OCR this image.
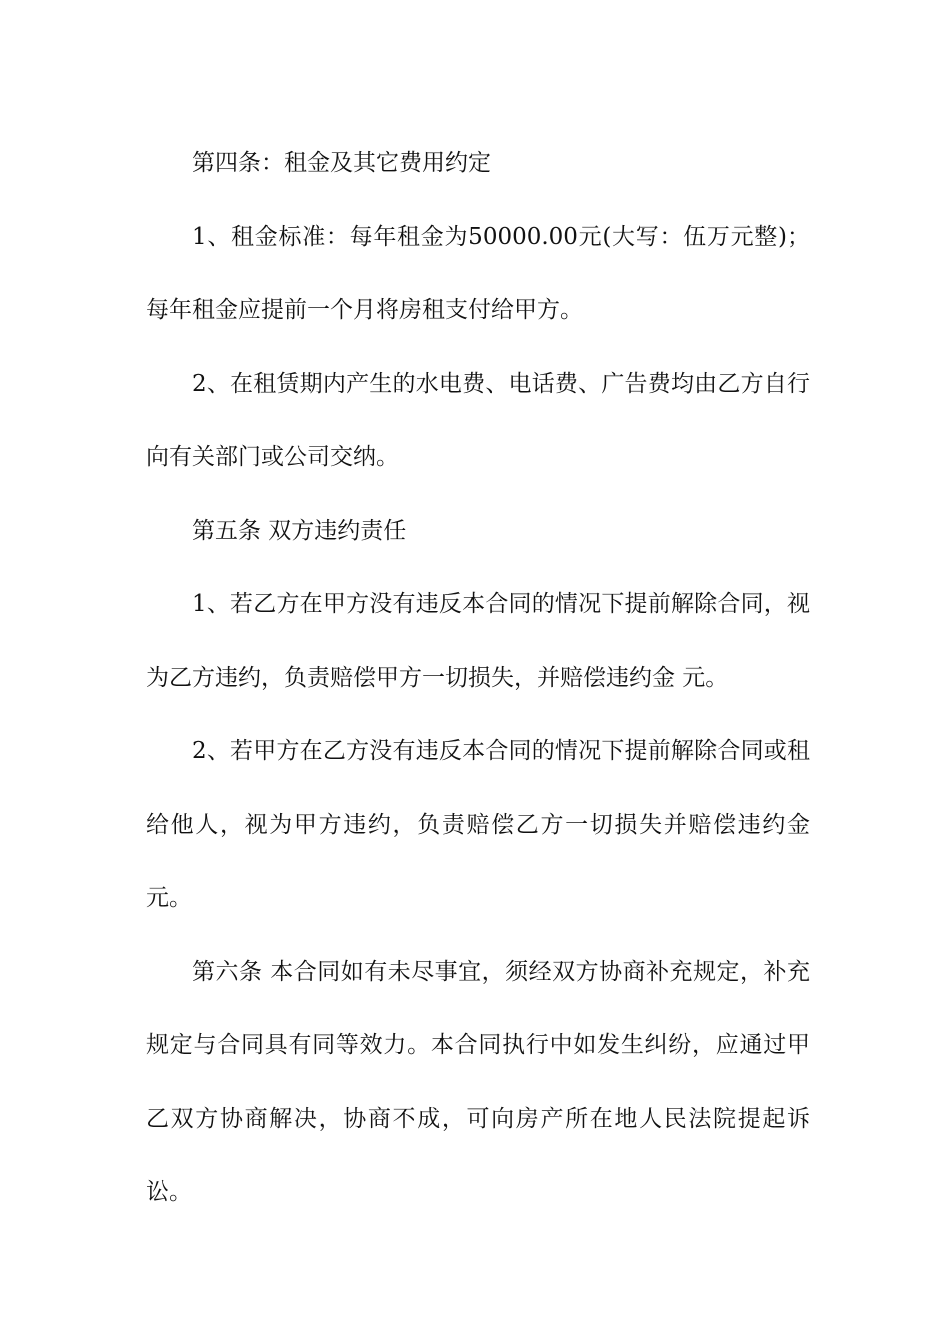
第四条：租金及其它费用约定

1、租金标准：每年租金为50000.00元(大写：伍万元整)；每年租金应提前一个月将房租支付给甲方。

2、在租赁期内产生的水电费、电话费、广告费均由乙方自行向有关部门或公司交纳。

第五条 双方违约责任

1、若乙方在甲方没有违反本合同的情况下提前解除合同，视为乙方违约，负责赔偿甲方一切损失，并赔偿违约金 元。

2、若甲方在乙方没有违反本合同的情况下提前解除合同或租给他人，视为甲方违约，负责赔偿乙方一切损失并赔偿违约金 元。

第六条 本合同如有未尽事宜，须经双方协商补充规定，补充规定与合同具有同等效力。本合同执行中如发生纠纷，应通过甲乙双方协商解决，协商不成，可向房产所在地人民法院提起诉讼。
